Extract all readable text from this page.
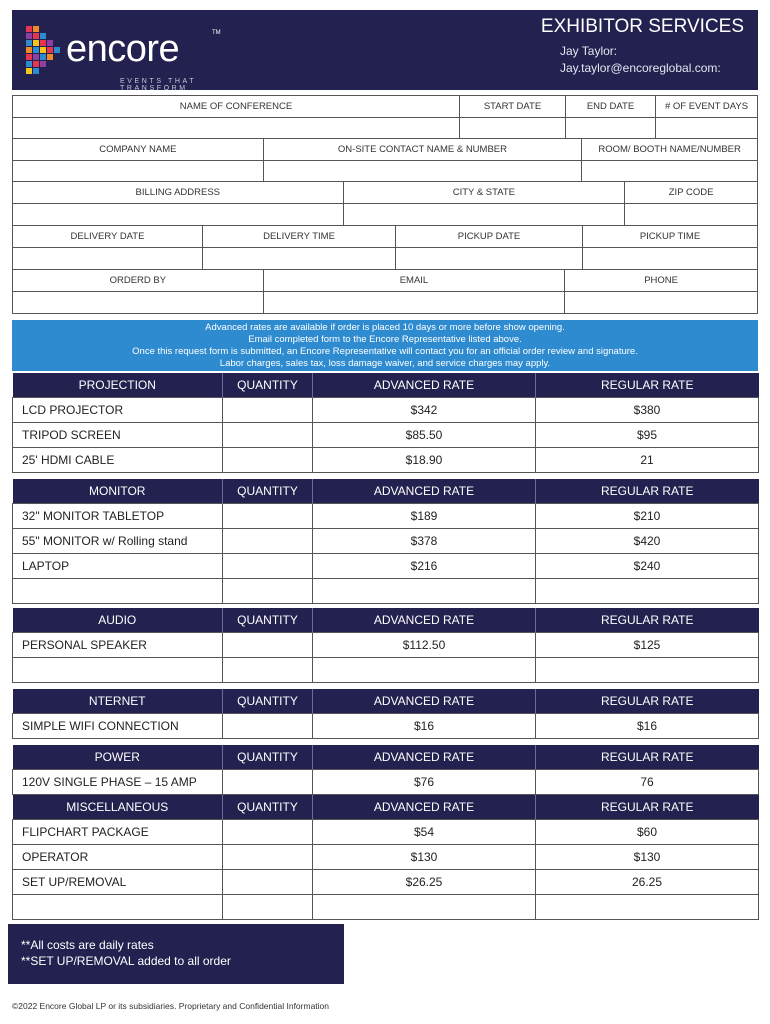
encore	TM
EVENTS THAT TRANSFORM
EXHIBITOR SERVICES
Jay Taylor:
Jay.taylor@encoreglobal.com:
NAME OF CONFERENCE	START DATE	END DATE	# OF EVENT DAYS
COMPANY NAME	ON-SITE CONTACT NAME & NUMBER	ROOM/ BOOTH NAME/NUMBER
BILLING ADDRESS	CITY & STATE	ZIP CODE
DELIVERY DATE	DELIVERY TIME	PICKUP DATE	PICKUP TIME
ORDERD BY	EMAIL	PHONE
Advanced rates are available if order is placed 10 days or more before show opening.
Email completed form to the Encore Representative listed above.
Once this request form is submitted, an Encore Representative will contact you for an official order review and signature.
Labor charges, sales tax, loss damage waiver, and service charges may apply.
PROJECTION	QUANTITY	ADVANCED RATE	REGULAR RATE
LCD PROJECTOR		$342	$380
TRIPOD SCREEN		$85.50	$95
25' HDMI CABLE		$18.90	21
MONITOR	QUANTITY	ADVANCED RATE	REGULAR RATE
32" MONITOR TABLETOP		$189	$210
55" MONITOR w/ Rolling stand		$378	$420
LAPTOP		$216	$240

AUDIO	QUANTITY	ADVANCED RATE	REGULAR RATE
PERSONAL SPEAKER		$112.50	$125

NTERNET	QUANTITY	ADVANCED RATE	REGULAR RATE
SIMPLE WIFI CONNECTION		$16	$16
POWER	QUANTITY	ADVANCED RATE	REGULAR RATE
120V SINGLE PHASE – 15 AMP		$76	76
MISCELLANEOUS	QUANTITY	ADVANCED RATE	REGULAR RATE
FLIPCHART PACKAGE		$54	$60
OPERATOR		$130	$130
SET UP/REMOVAL		$26.25	26.25

**All costs are daily rates
**SET UP/REMOVAL added to all order
©2022 Encore Global LP or its subsidiaries. Proprietary and Confidential Information
